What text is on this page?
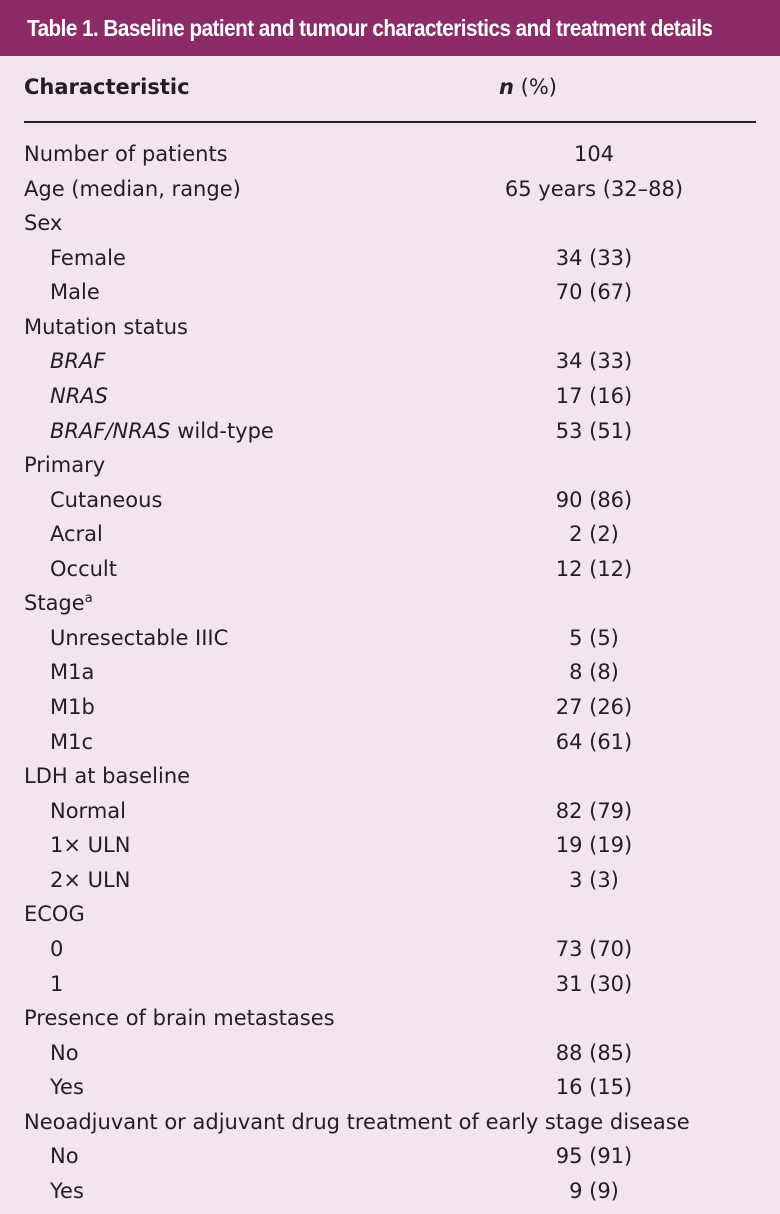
Table 1. Baseline patient and tumour characteristics and treatment details
Characteristic	n (%)
Number of patients	104
Age (median, range)	65 years (32–88)
Sex
Female	34 (33)
Male	70 (67)
Mutation status
BRAF	34 (33)
NRAS	17 (16)
BRAF/NRAS wild-type	53 (51)
Primary
Cutaneous	90 (86)
Acral	2 (2)
Occult	12 (12)
Stage$^a$
Unresectable IIIC	5 (5)
M1a	8 (8)
M1b	27 (26)
M1c	64 (61)
LDH at baseline
Normal	82 (79)
1× ULN	19 (19)
2× ULN	3 (3)
ECOG
0	73 (70)
1	31 (30)
Presence of brain metastases
No	88 (85)
Yes	16 (15)
Neoadjuvant or adjuvant drug treatment of early stage disease
No	95 (91)
Yes	9 (9)
